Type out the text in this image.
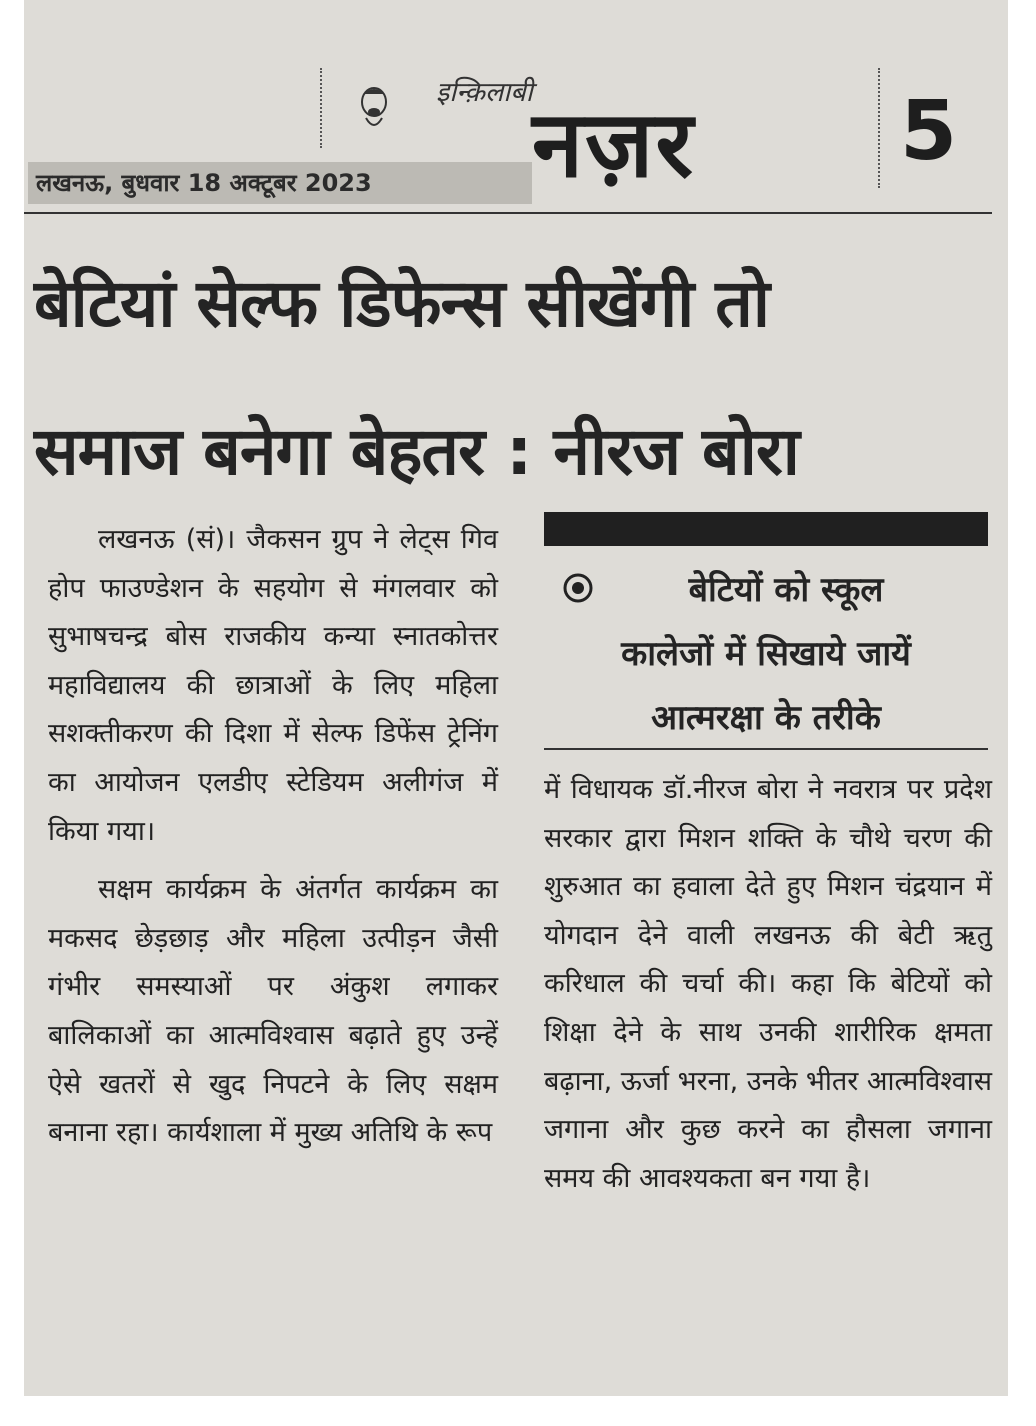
इन्क़िलाबी नज़र	5
लखनऊ, बुधवार 18 अक्टूबर 2023
बेटियां सेल्फ डिफेन्स सीखेंगी तो
समाज बनेगा बेहतर : नीरज बोरा

लखनऊ (सं)। जैकसन ग्रुप ने लेट्स गिव होप फाउण्डेशन के सहयोग से मंगलवार को सुभाषचन्द्र बोस राजकीय कन्या स्नातकोत्तर महाविद्यालय की छात्राओं के लिए महिला सशक्तीकरण की दिशा में सेल्फ डिफेंस ट्रेनिंग का आयोजन एलडीए स्टेडियम अलीगंज में किया गया।

सक्षम कार्यक्रम के अंतर्गत कार्यक्रम का मकसद छेड़छाड़ और महिला उत्पीड़न जैसी गंभीर समस्याओं पर अंकुश लगाकर बालिकाओं का आत्मविश्वास बढ़ाते हुए उन्हें ऐसे खतरों से खुद निपटने के लिए सक्षम बनाना रहा। कार्यशाला में मुख्य अतिथि के रूप

बेटियों को स्कूल
कालेजों में सिखाये जायें
आत्मरक्षा के तरीके

में विधायक डॉ.नीरज बोरा ने नवरात्र पर प्रदेश सरकार द्वारा मिशन शक्ति के चौथे चरण की शुरुआत का हवाला देते हुए मिशन चंद्रयान में योगदान देने वाली लखनऊ की बेटी ऋतु करिधाल की चर्चा की। कहा कि बेटियों को शिक्षा देने के साथ उनकी शारीरिक क्षमता बढ़ाना, ऊर्जा भरना, उनके भीतर आत्मविश्वास जगाना और कुछ करने का हौसला जगाना समय की आवश्यकता बन गया है।
